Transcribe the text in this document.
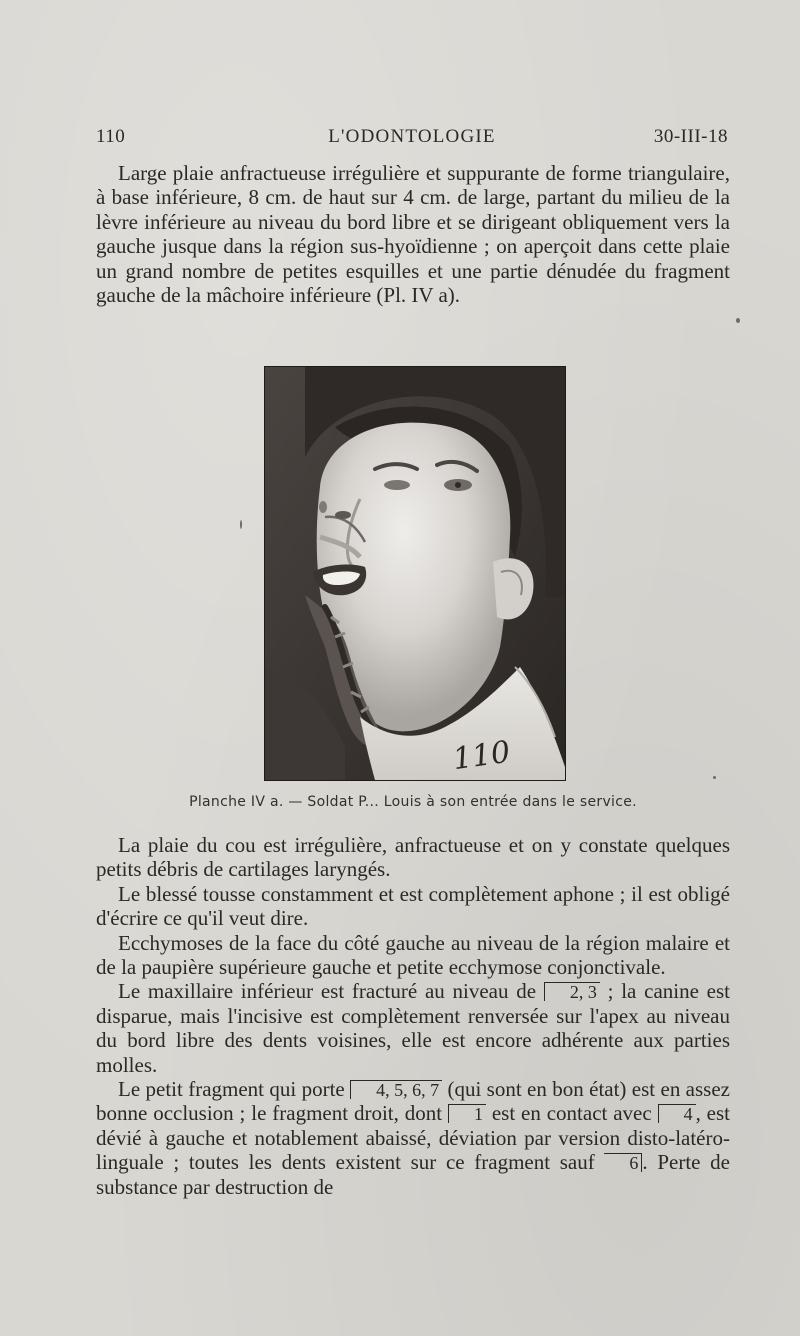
110	L'ODONTOLOGIE	30-III-18

Large plaie anfractueuse irrégulière et suppurante de forme triangulaire, à base inférieure, 8 cm. de haut sur 4 cm. de large, partant du milieu de la lèvre inférieure au niveau du bord libre et se dirigeant obliquement vers la gauche jusque dans la région sus-hyoïdienne ; on aperçoit dans cette plaie un grand nombre de petites esquilles et une partie dénudée du fragment gauche de la mâchoire inférieure (Pl. IV a).

110
Planche IV a. — Soldat P... Louis à son entrée dans le service.

La plaie du cou est irrégulière, anfractueuse et on y constate quelques petits débris de cartilages laryngés.

Le blessé tousse constamment et est complètement aphone ; il est obligé d'écrire ce qu'il veut dire.

Ecchymoses de la face du côté gauche au niveau de la région malaire et de la paupière supérieure gauche et petite ecchymose conjonctivale.

Le maxillaire inférieur est fracturé au niveau de 2, 3 ; la canine est disparue, mais l'incisive est complètement renversée sur l'apex au niveau du bord libre des dents voisines, elle est encore adhérente aux parties molles.

Le petit fragment qui porte 4, 5, 6, 7 (qui sont en bon état) est en assez bonne occlusion ; le fragment droit, dont 1 est en contact avec 4 , est dévié à gauche et notablement abaissé, déviation par version disto-latéro-linguale ; toutes les dents existent sur ce fragment sauf 6 . Perte de substance par destruction de
